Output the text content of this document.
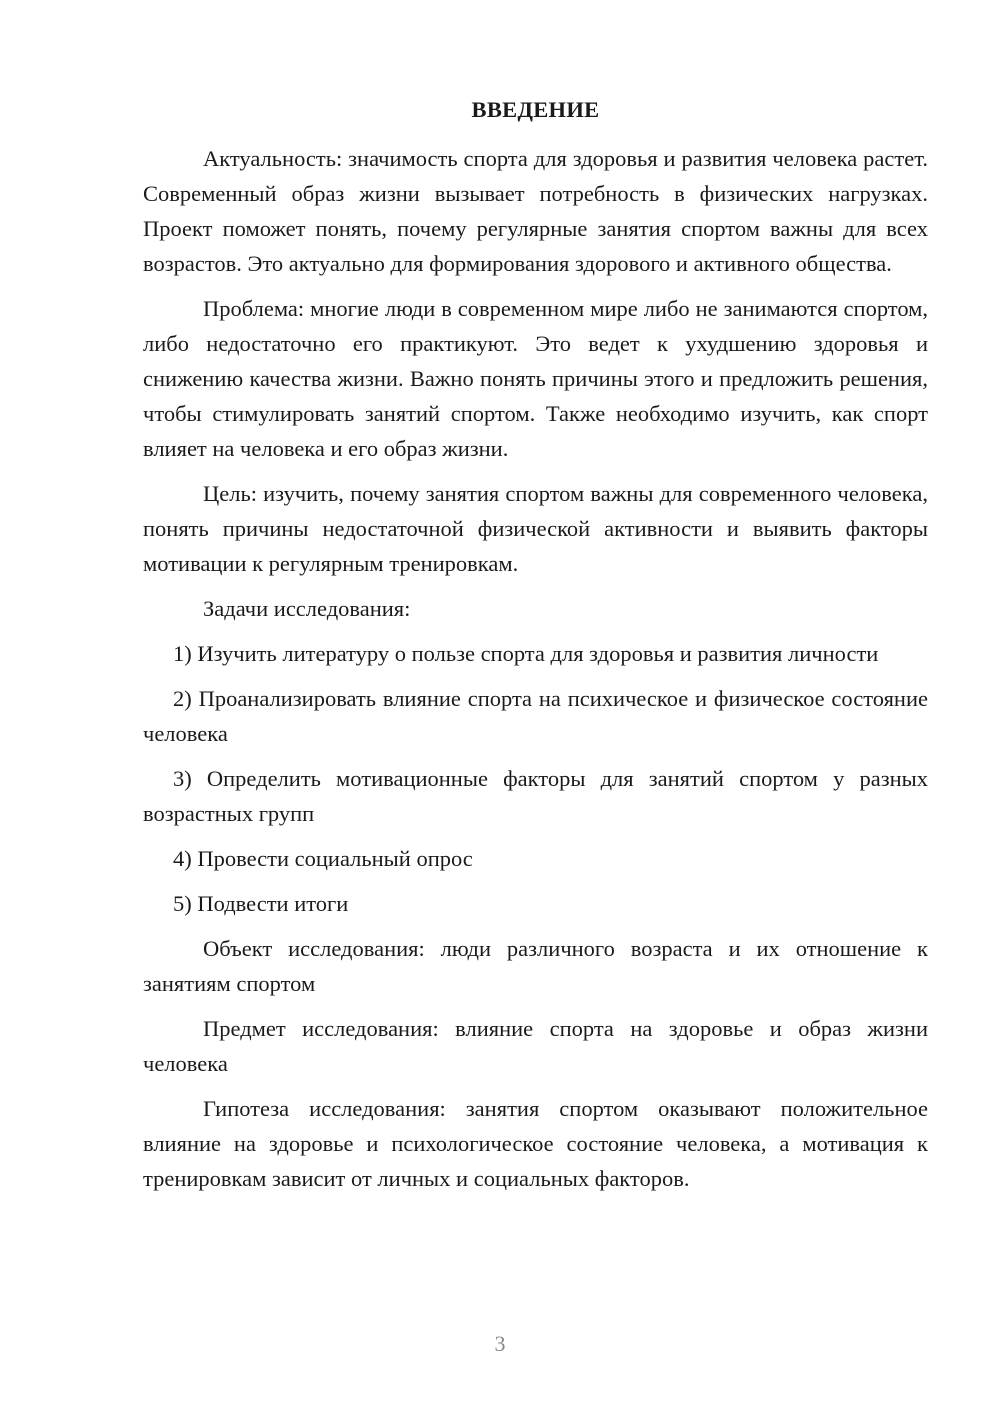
ВВЕДЕНИЕ

Актуальность: значимость спорта для здоровья и развития человека растет. Современный образ жизни вызывает потребность в физических нагрузках. Проект поможет понять, почему регулярные занятия спортом важны для всех возрастов. Это актуально для формирования здорового и активного общества.

Проблема: многие люди в современном мире либо не занимаются спортом, либо недостаточно его практикуют. Это ведет к ухудшению здоровья и снижению качества жизни. Важно понять причины этого и предложить решения, чтобы стимулировать занятий спортом. Также необходимо изучить, как спорт влияет на человека и его образ жизни.

Цель: изучить, почему занятия спортом важны для современного человека, понять причины недостаточной физической активности и выявить факторы мотивации к регулярным тренировкам.

Задачи исследования:

1) Изучить литературу о пользе спорта для здоровья и развития личности

2) Проанализировать влияние спорта на психическое и физическое состояние человека

3) Определить мотивационные факторы для занятий спортом у разных возрастных групп

4) Провести социальный опрос

5) Подвести итоги

Объект исследования: люди различного возраста и их отношение к занятиям спортом

Предмет исследования: влияние спорта на здоровье и образ жизни человека

Гипотеза исследования: занятия спортом оказывают положительное влияние на здоровье и психологическое состояние человека, а мотивация к тренировкам зависит от личных и социальных факторов.

3
